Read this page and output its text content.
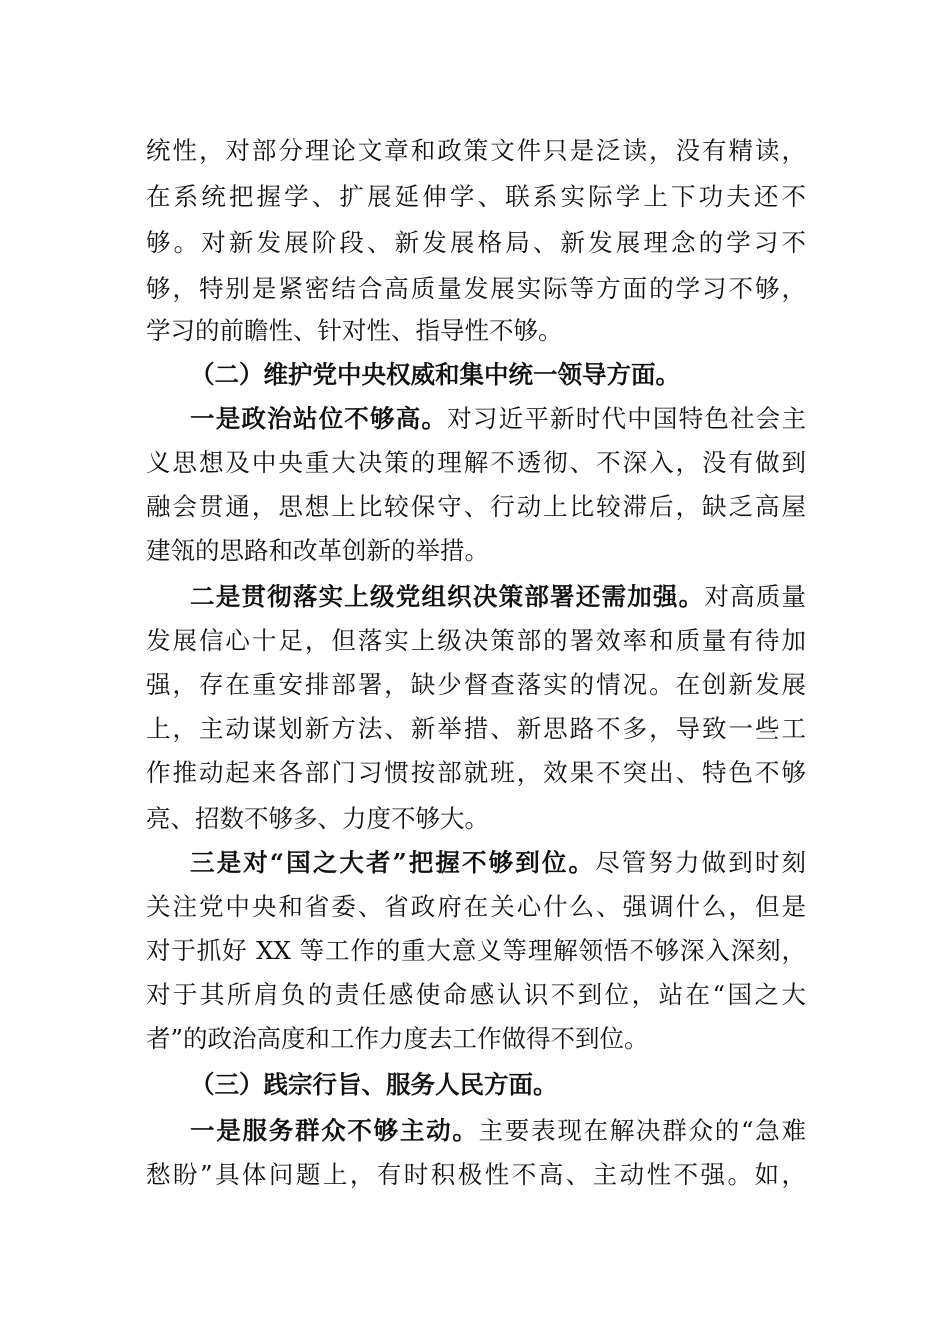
统性，对部分理论文章和政策文件只是泛读，没有精读，
在系统把握学、扩展延伸学、联系实际学上下功夫还不
够。对新发展阶段、新发展格局、新发展理念的学习不
够，特别是紧密结合高质量发展实际等方面的学习不够，
学习的前瞻性、针对性、指导性不够。
（二）维护党中央权威和集中统一领导方面。
一是政治站位不够高。对习近平新时代中国特色社会主
义思想及中央重大决策的理解不透彻、不深入，没有做到
融会贯通，思想上比较保守、行动上比较滞后，缺乏高屋
建瓴的思路和改革创新的举措。
二是贯彻落实上级党组织决策部署还需加强。对高质量
发展信心十足，但落实上级决策部的署效率和质量有待加
强，存在重安排部署，缺少督查落实的情况。在创新发展
上，主动谋划新方法、新举措、新思路不多，导致一些工
作推动起来各部门习惯按部就班，效果不突出、特色不够
亮、招数不够多、力度不够大。
三是对“国之大者”把握不够到位。尽管努力做到时刻
关注党中央和省委、省政府在关心什么、强调什么，但是
对于抓好 XX 等工作的重大意义等理解领悟不够深入深刻，
对于其所肩负的责任感使命感认识不到位，站在“国之大
者”的政治高度和工作力度去工作做得不到位。
（三）践宗行旨、服务人民方面。
一是服务群众不够主动。主要表现在解决群众的“急难
愁盼”具体问题上，有时积极性不高、主动性不强。如，
